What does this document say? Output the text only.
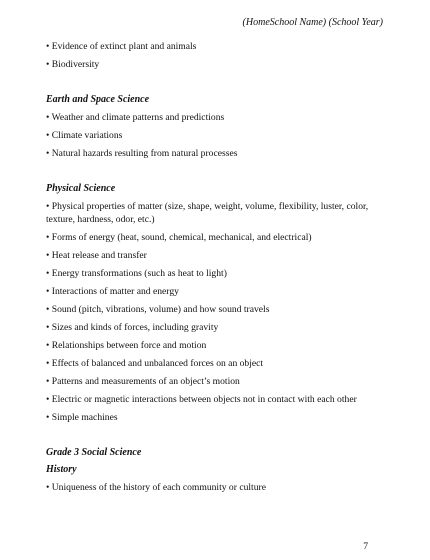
(HomeSchool Name) (School Year)
• Evidence of extinct plant and animals
• Biodiversity
Earth and Space Science
• Weather and climate patterns and predictions
• Climate variations
• Natural hazards resulting from natural processes
Physical Science
• Physical properties of matter (size, shape, weight, volume, flexibility, luster, color, texture, hardness, odor, etc.)
• Forms of energy (heat, sound, chemical, mechanical, and electrical)
• Heat release and transfer
• Energy transformations (such as heat to light)
• Interactions of matter and energy
• Sound (pitch, vibrations, volume) and how sound travels
• Sizes and kinds of forces, including gravity
• Relationships between force and motion
• Effects of balanced and unbalanced forces on an object
• Patterns and measurements of an object’s motion
• Electric or magnetic interactions between objects not in contact with each other
• Simple machines
Grade 3 Social Science
History
• Uniqueness of the history of each community or culture
7
